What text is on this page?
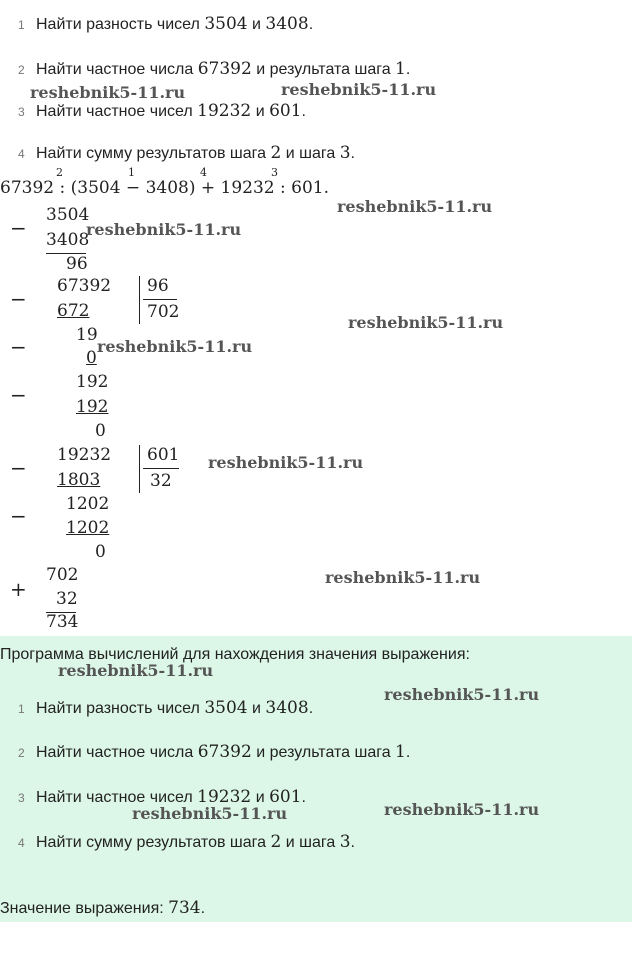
1 Найти разность чисел 3504 и 3408.
2 Найти частное числа 67392 и результата шага 1.
3 Найти частное чисел 19232 и 601.
4 Найти сумму результатов шага 2 и шага 3.
67392 : (3504 − 3408) + 19232 : 601.
2	1	4	3
−
3504
3408
96
−
67392
672
96
702
−	19
0
−
192
192
0
−
19232
1803
601
32
− 1202
1202
0
+
702
32
734
Программа вычислений для нахождения значения выражения:
1 Найти разность чисел 3504 и 3408.
2 Найти частное числа 67392 и результата шага 1.
3 Найти частное чисел 19232 и 601.
4 Найти сумму результатов шага 2 и шага 3.
Значение выражения: 734.
reshebnik5-11.ru	reshebnik5-11.ru
reshebnik5-11.ru
reshebnik5-11.ru
reshebnik5-11.ru
reshebnik5-11.ru
reshebnik5-11.ru
reshebnik5-11.ru
reshebnik5-11.ru
reshebnik5-11.ru
reshebnik5-11.ru	reshebnik5-11.ru
